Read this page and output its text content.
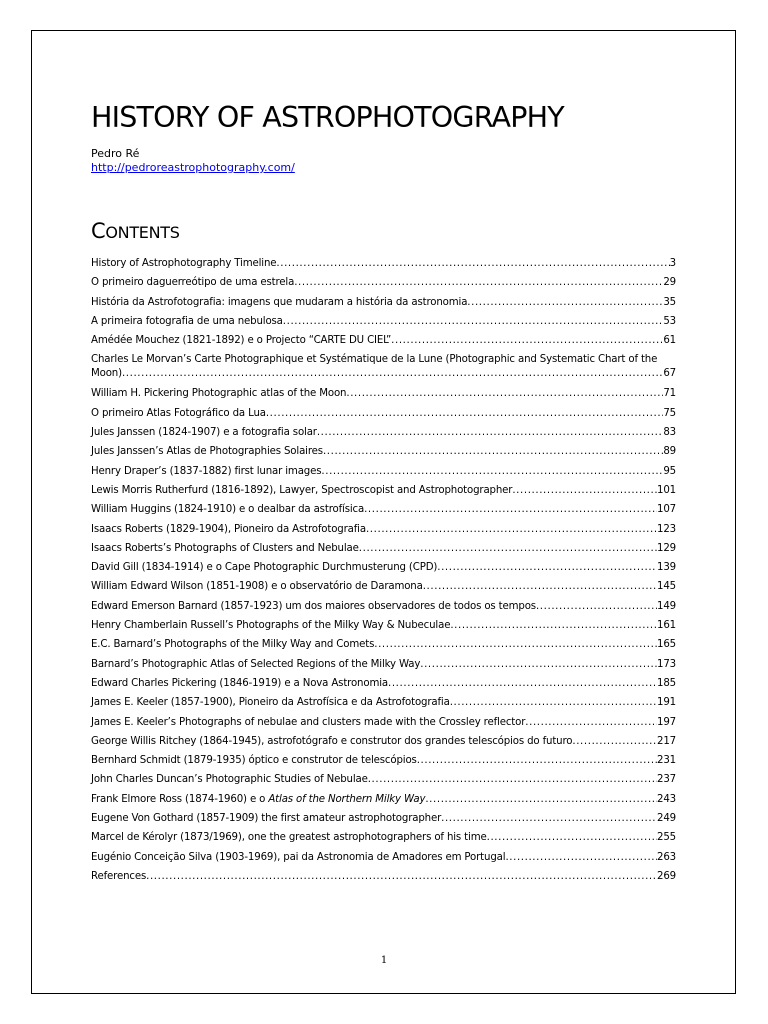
HISTORY OF ASTROPHOTOGRAPHY
Pedro Ré
http://pedroreastrophotography.com/
CONTENTS
History of Astrophotography Timeline .....	3
O primeiro daguerreótipo de uma estrela .....	29
História da Astrofotografia: imagens que mudaram a história da astronomia .....	35
A primeira fotografia de uma nebulosa .....	53
Amédée Mouchez (1821-1892) e o Projecto “CARTE DU CIEL” .....	61
Charles Le Morvan’s Carte Photographique et Systématique de la Lune (Photographic and Systematic Chart of the
Moon) .....	67
William H. Pickering Photographic atlas of the Moon .....	71
O primeiro Atlas Fotográfico da Lua .....	75
Jules Janssen (1824-1907) e a fotografia solar .....	83
Jules Janssen’s Atlas de Photographies Solaires .....	89
Henry Draper’s (1837-1882) first lunar images .....	95
Lewis Morris Rutherfurd (1816-1892), Lawyer, Spectroscopist and Astrophotographer .....	101
William Huggins (1824-1910) e o dealbar da astrofísica .....	107
Isaacs Roberts (1829-1904), Pioneiro da Astrofotografia .....	123
Isaacs Roberts’s Photographs of Clusters and Nebulae .....	129
David Gill (1834-1914) e o Cape Photographic Durchmusterung (CPD) .....	139
William Edward Wilson (1851-1908) e o observatório de Daramona .....	145
Edward Emerson Barnard (1857-1923) um dos maiores observadores de todos os tempos .....	149
Henry Chamberlain Russell’s Photographs of the Milky Way & Nubeculae .....	161
E.C. Barnard’s Photographs of the Milky Way and Comets .....	165
Barnard’s Photographic Atlas of Selected Regions of the Milky Way .....	173
Edward Charles Pickering (1846-1919) e a Nova Astronomia .....	185
James E. Keeler (1857-1900), Pioneiro da Astrofísica e da Astrofotografia .....	191
James E. Keeler’s Photographs of nebulae and clusters made with the Crossley reflector .....	197
George Willis Ritchey (1864-1945), astrofotógrafo e construtor dos grandes telescópios do futuro .....	217
Bernhard Schmidt (1879-1935) óptico e construtor de telescópios .....	231
John Charles Duncan’s Photographic Studies of Nebulae .....	237
Frank Elmore Ross (1874-1960) e o Atlas of the Northern Milky Way .....	243
Eugene Von Gothard (1857-1909) the first amateur astrophotographer .....	249
Marcel de Kérolyr (1873/1969), one the greatest astrophotographers of his time .....	255
Eugénio Conceição Silva (1903-1969), pai da Astronomia de Amadores em Portugal .....	263
References .....	269
1
